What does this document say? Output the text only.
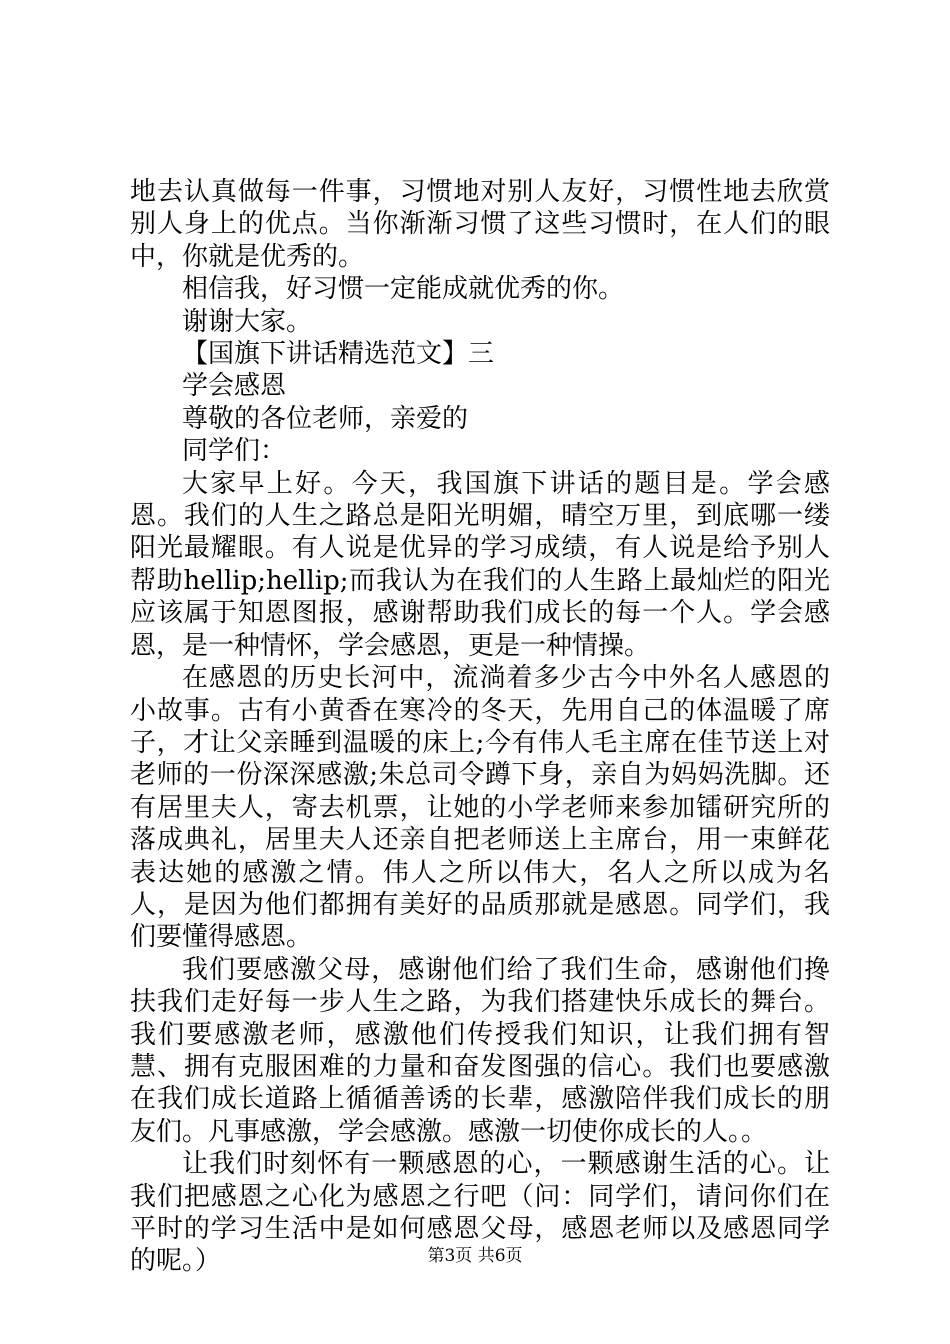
地去认真做每一件事，习惯地对别人友好，习惯性地去欣赏别人身上的优点。当你渐渐习惯了这些习惯时，在人们的眼中，你就是优秀的。

相信我，好习惯一定能成就优秀的你。

谢谢大家。

【国旗下讲话精选范文】三

学会感恩

尊敬的各位老师，亲爱的

同学们：

大家早上好。今天，我国旗下讲话的题目是。学会感恩。我们的人生之路总是阳光明媚，晴空万里，到底哪一缕阳光最耀眼。有人说是优异的学习成绩，有人说是给予别人帮助hellip;hellip;而我认为在我们的人生路上最灿烂的阳光应该属于知恩图报，感谢帮助我们成长的每一个人。学会感恩，是一种情怀，学会感恩，更是一种情操。

在感恩的历史长河中，流淌着多少古今中外名人感恩的小故事。古有小黄香在寒冷的冬天，先用自己的体温暖了席子，才让父亲睡到温暖的床上;今有伟人毛主席在佳节送上对老师的一份深深感激;朱总司令蹲下身，亲自为妈妈洗脚。还有居里夫人，寄去机票，让她的小学老师来参加镭研究所的落成典礼，居里夫人还亲自把老师送上主席台，用一束鲜花表达她的感激之情。伟人之所以伟大，名人之所以成为名人，是因为他们都拥有美好的品质那就是感恩。同学们，我们要懂得感恩。

我们要感激父母，感谢他们给了我们生命，感谢他们搀扶我们走好每一步人生之路，为我们搭建快乐成长的舞台。我们要感激老师，感激他们传授我们知识，让我们拥有智慧、拥有克服困难的力量和奋发图强的信心。我们也要感激在我们成长道路上循循善诱的长辈，感激陪伴我们成长的朋友们。凡事感激，学会感激。感激一切使你成长的人。。

让我们时刻怀有一颗感恩的心，一颗感谢生活的心。让我们把感恩之心化为感恩之行吧（问：同学们，请问你们在平时的学习生活中是如何感恩父母，感恩老师以及感恩同学的呢。）	第3页 共6页
